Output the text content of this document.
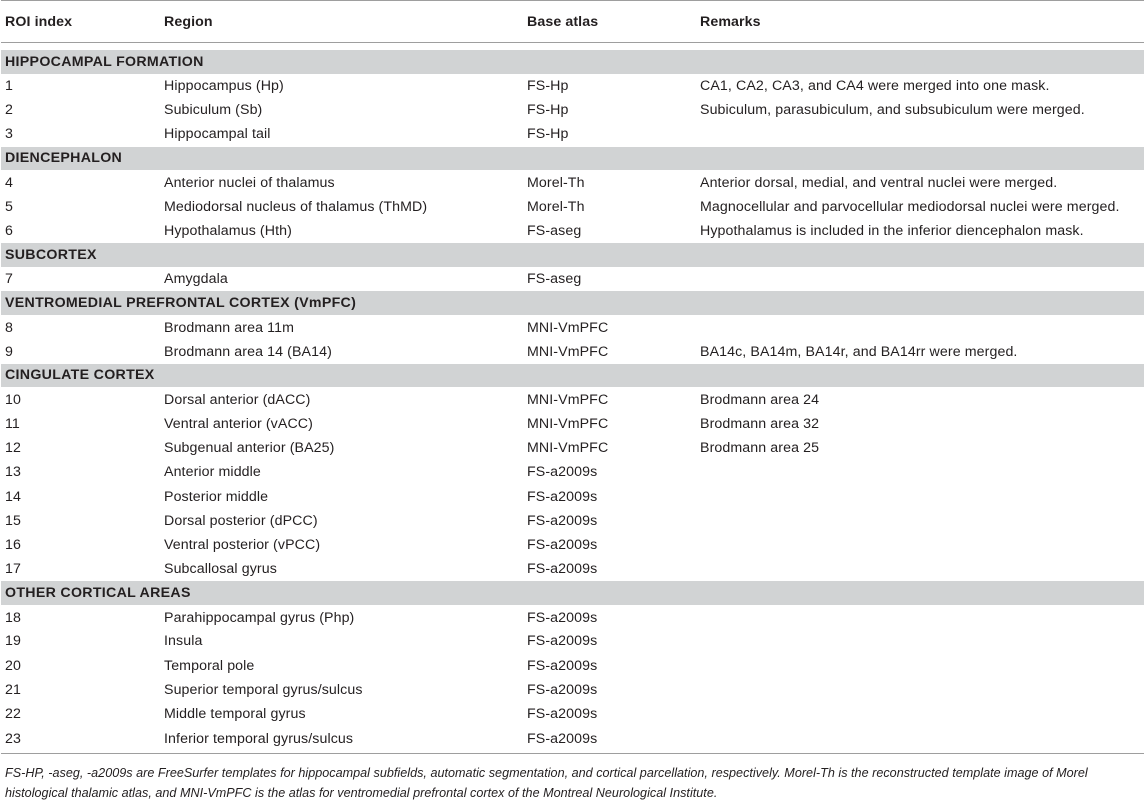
ROI index	Region	Base atlas	Remarks

HIPPOCAMPAL FORMATION			
1	Hippocampus (Hp)	FS-Hp	CA1, CA2, CA3, and CA4 were merged into one mask.
2	Subiculum (Sb)	FS-Hp	Subiculum, parasubiculum, and subsubiculum were merged.
3	Hippocampal tail	FS-Hp	
DIENCEPHALON			
4	Anterior nuclei of thalamus	Morel-Th	Anterior dorsal, medial, and ventral nuclei were merged.
5	Mediodorsal nucleus of thalamus (ThMD)	Morel-Th	Magnocellular and parvocellular mediodorsal nuclei were merged.
6	Hypothalamus (Hth)	FS-aseg	Hypothalamus is included in the inferior diencephalon mask.
SUBCORTEX			
7	Amygdala	FS-aseg	
VENTROMEDIAL PREFRONTAL CORTEX (VmPFC)			
8	Brodmann area 11m	MNI-VmPFC	
9	Brodmann area 14 (BA14)	MNI-VmPFC	BA14c, BA14m, BA14r, and BA14rr were merged.
CINGULATE CORTEX			
10	Dorsal anterior (dACC)	MNI-VmPFC	Brodmann area 24
11	Ventral anterior (vACC)	MNI-VmPFC	Brodmann area 32
12	Subgenual anterior (BA25)	MNI-VmPFC	Brodmann area 25
13	Anterior middle	FS-a2009s	
14	Posterior middle	FS-a2009s	
15	Dorsal posterior (dPCC)	FS-a2009s	
16	Ventral posterior (vPCC)	FS-a2009s	
17	Subcallosal gyrus	FS-a2009s	
OTHER CORTICAL AREAS			
18	Parahippocampal gyrus (Php)	FS-a2009s	
19	Insula	FS-a2009s	
20	Temporal pole	FS-a2009s	
21	Superior temporal gyrus/sulcus	FS-a2009s	
22	Middle temporal gyrus	FS-a2009s	
23	Inferior temporal gyrus/sulcus	FS-a2009s	
FS-HP, -aseg, -a2009s are FreeSurfer templates for hippocampal subfields, automatic segmentation, and cortical parcellation, respectively. Morel-Th is the reconstructed template image of Morel histological thalamic atlas, and MNI-VmPFC is the atlas for ventromedial prefrontal cortex of the Montreal Neurological Institute.
